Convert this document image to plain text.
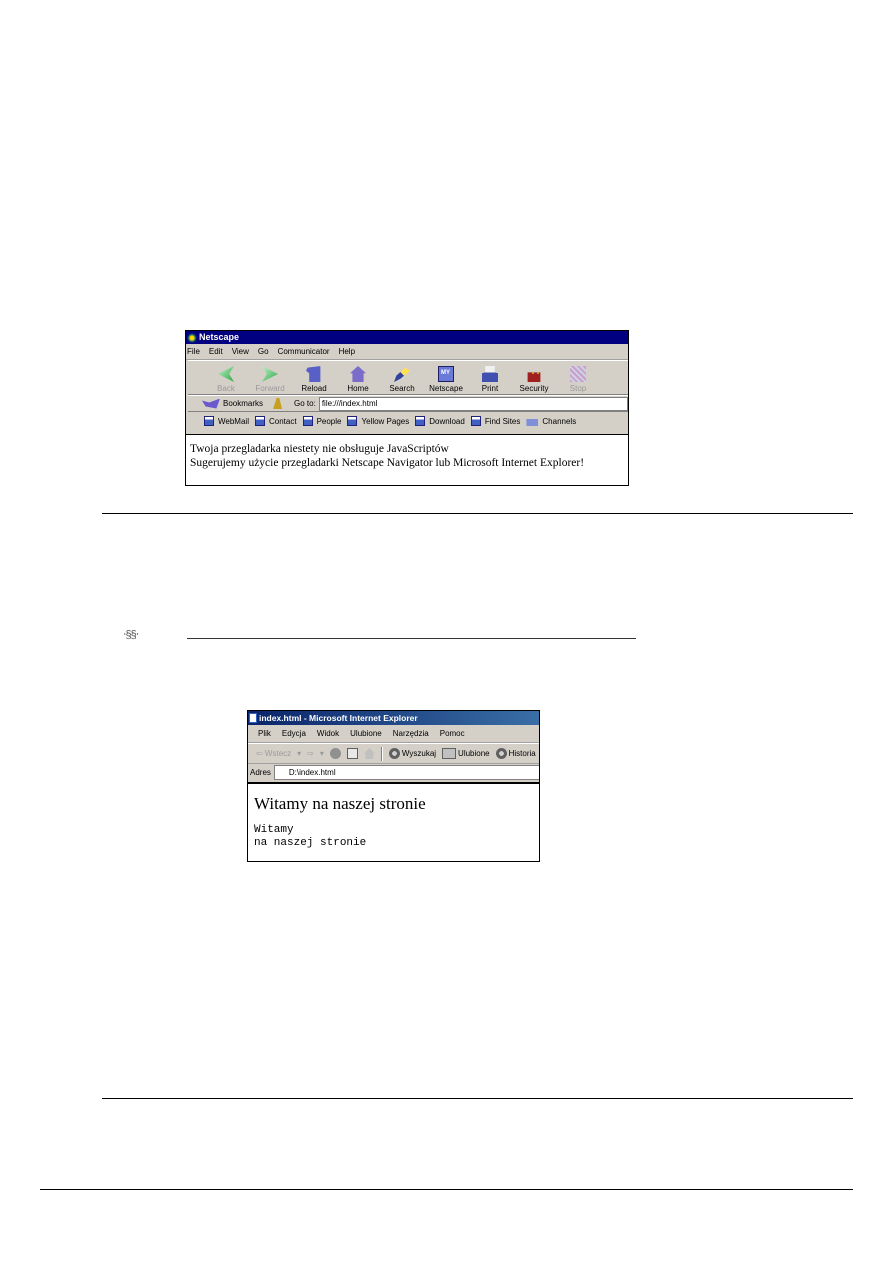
Netscape
File Edit View Go Communicator Help
Back	Forward Reload	Home	Search
MY Netscape Print	Security	Stop
Bookmarks	Go to: file:///index.html
WebMail	Contact	People	Yellow Pages	Download	Find Sites	Channels
Twoja przegladarka niestety nie obsługuje JavaScriptów
Sugerujemy użycie przegladarki Netscape Navigator lub Microsoft Internet Explorer!
‧§§‧
index.html - Microsoft Internet Explorer
Plik Edycja Widok Ulubione Narzędzia Pomoc
⇦ Wstecz ▾ ⇨ ▾	Wyszukaj	Ulubione Historia
Adres	D:\index.html
Witamy na naszej stronie
Witamy
na naszej stronie
